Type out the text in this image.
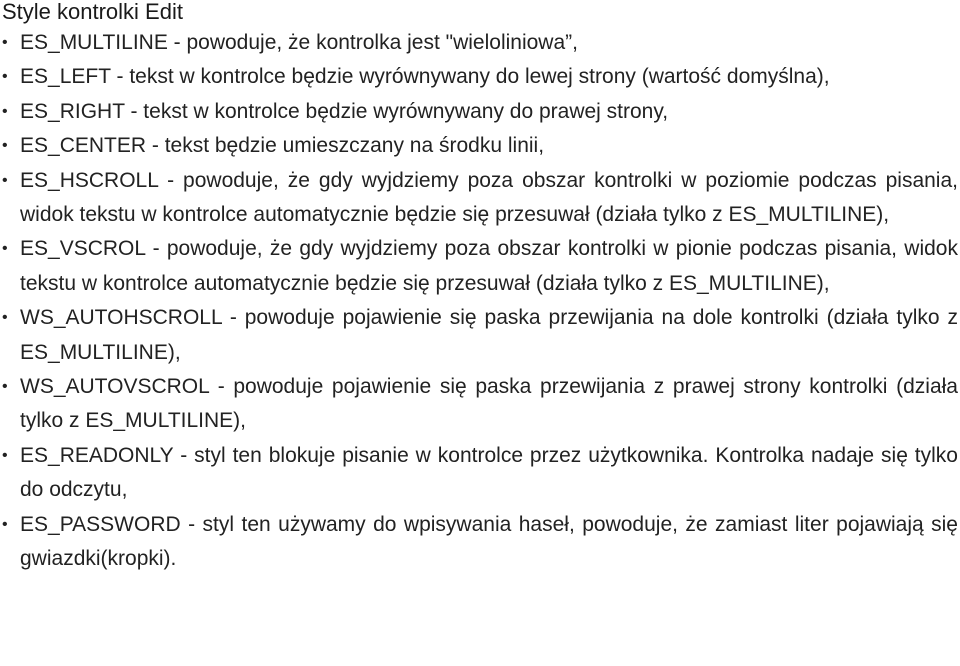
Style kontrolki Edit
• ES_MULTILINE - powoduje, że kontrolka jest "wieloliniowa”,
• ES_LEFT - tekst w kontrolce będzie wyrównywany do lewej strony (wartość domyślna),
• ES_RIGHT - tekst w kontrolce będzie wyrównywany do prawej strony,
• ES_CENTER - tekst będzie umieszczany na środku linii,
• ES_HSCROLL - powoduje, że gdy wyjdziemy poza obszar kontrolki w poziomie podczas pisania, widok tekstu w kontrolce automatycznie będzie się przesuwał (działa tylko z ES_MULTILINE),
• ES_VSCROL - powoduje, że gdy wyjdziemy poza obszar kontrolki w pionie podczas pisania, widok tekstu w kontrolce automatycznie będzie się przesuwał (działa tylko z ES_MULTILINE),
• WS_AUTOHSCROLL - powoduje pojawienie się paska przewijania na dole kontrolki (działa tylko z ES_MULTILINE),
• WS_AUTOVSCROL - powoduje pojawienie się paska przewijania z prawej strony kontrolki (działa tylko z ES_MULTILINE),
• ES_READONLY - styl ten blokuje pisanie w kontrolce przez użytkownika. Kontrolka nadaje się tylko do odczytu,
• ES_PASSWORD - styl ten używamy do wpisywania haseł, powoduje, że zamiast liter pojawiają się gwiazdki(kropki).
